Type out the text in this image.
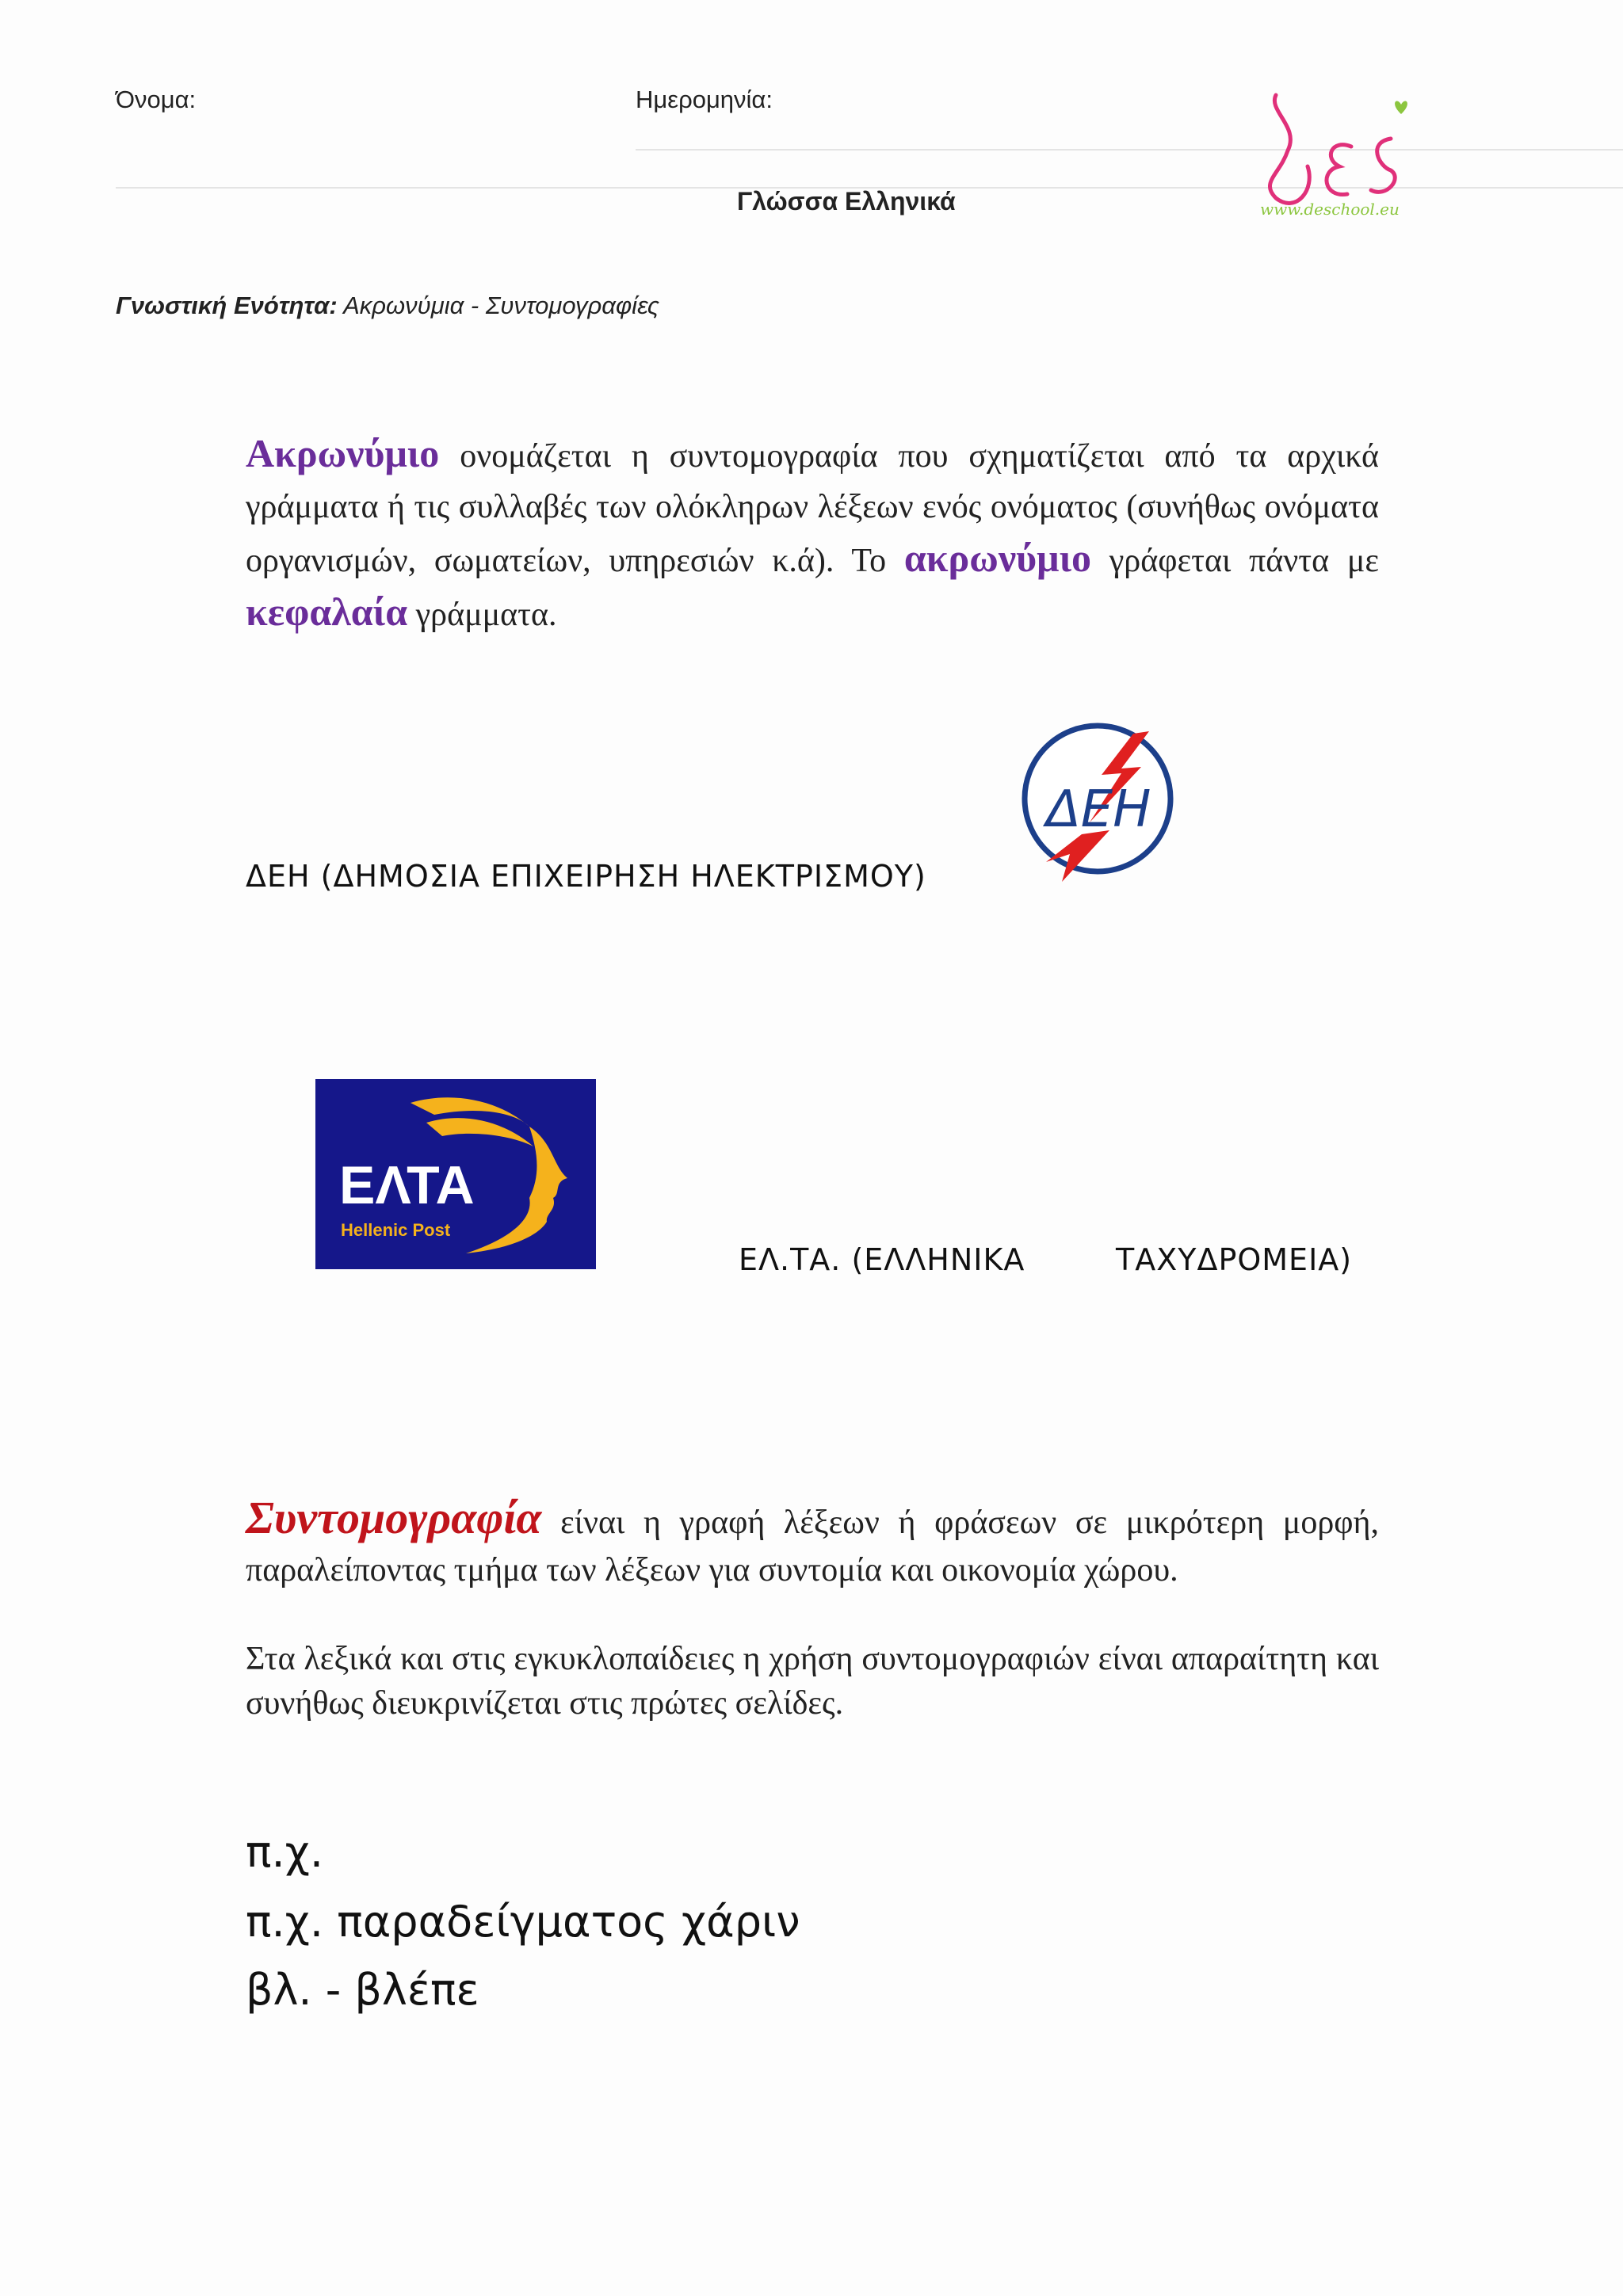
Όνομα:	Ημερομηνία:
Γλώσσα Ελληνικά	www.deschool.eu
Γνωστική Ενότητα: Ακρωνύμια - Συντομογραφίες
Ακρωνύμιο ονομάζεται η συντομογραφία που σχηματίζεται από τα αρχικά γράμματα ή τις συλλαβές των ολόκληρων λέξεων ενός ονόματος (συνήθως ονόματα οργανισμών, σωματείων, υπηρεσιών κ.ά). Το ακρωνύμιο γράφεται πάντα με κεφαλαία γράμματα.
ΔΕΗ (ΔΗΜΟΣΙΑ ΕΠΙΧΕΙΡΗΣΗ ΗΛΕΚΤΡΙΣΜΟΥ)
ΔΕΗ
ΕΛΤΑ
Hellenic Post
ΕΛ.ΤΑ. (ΕΛΛΗΝΙΚΑ	ΤΑΧΥΔΡΟΜΕΙΑ)
Συντομογραφία είναι η γραφή λέξεων ή φράσεων σε μικρότερη μορφή, παραλείποντας τμήμα των λέξεων για συντομία και οικονομία χώρου.
Στα λεξικά και στις εγκυκλοπαίδειες η χρήση συντομογραφιών είναι απαραίτητη και συνήθως διευκρινίζεται στις πρώτες σελίδες.
π.χ.
π.χ. παραδείγματος χάριν
βλ. - βλέπε
